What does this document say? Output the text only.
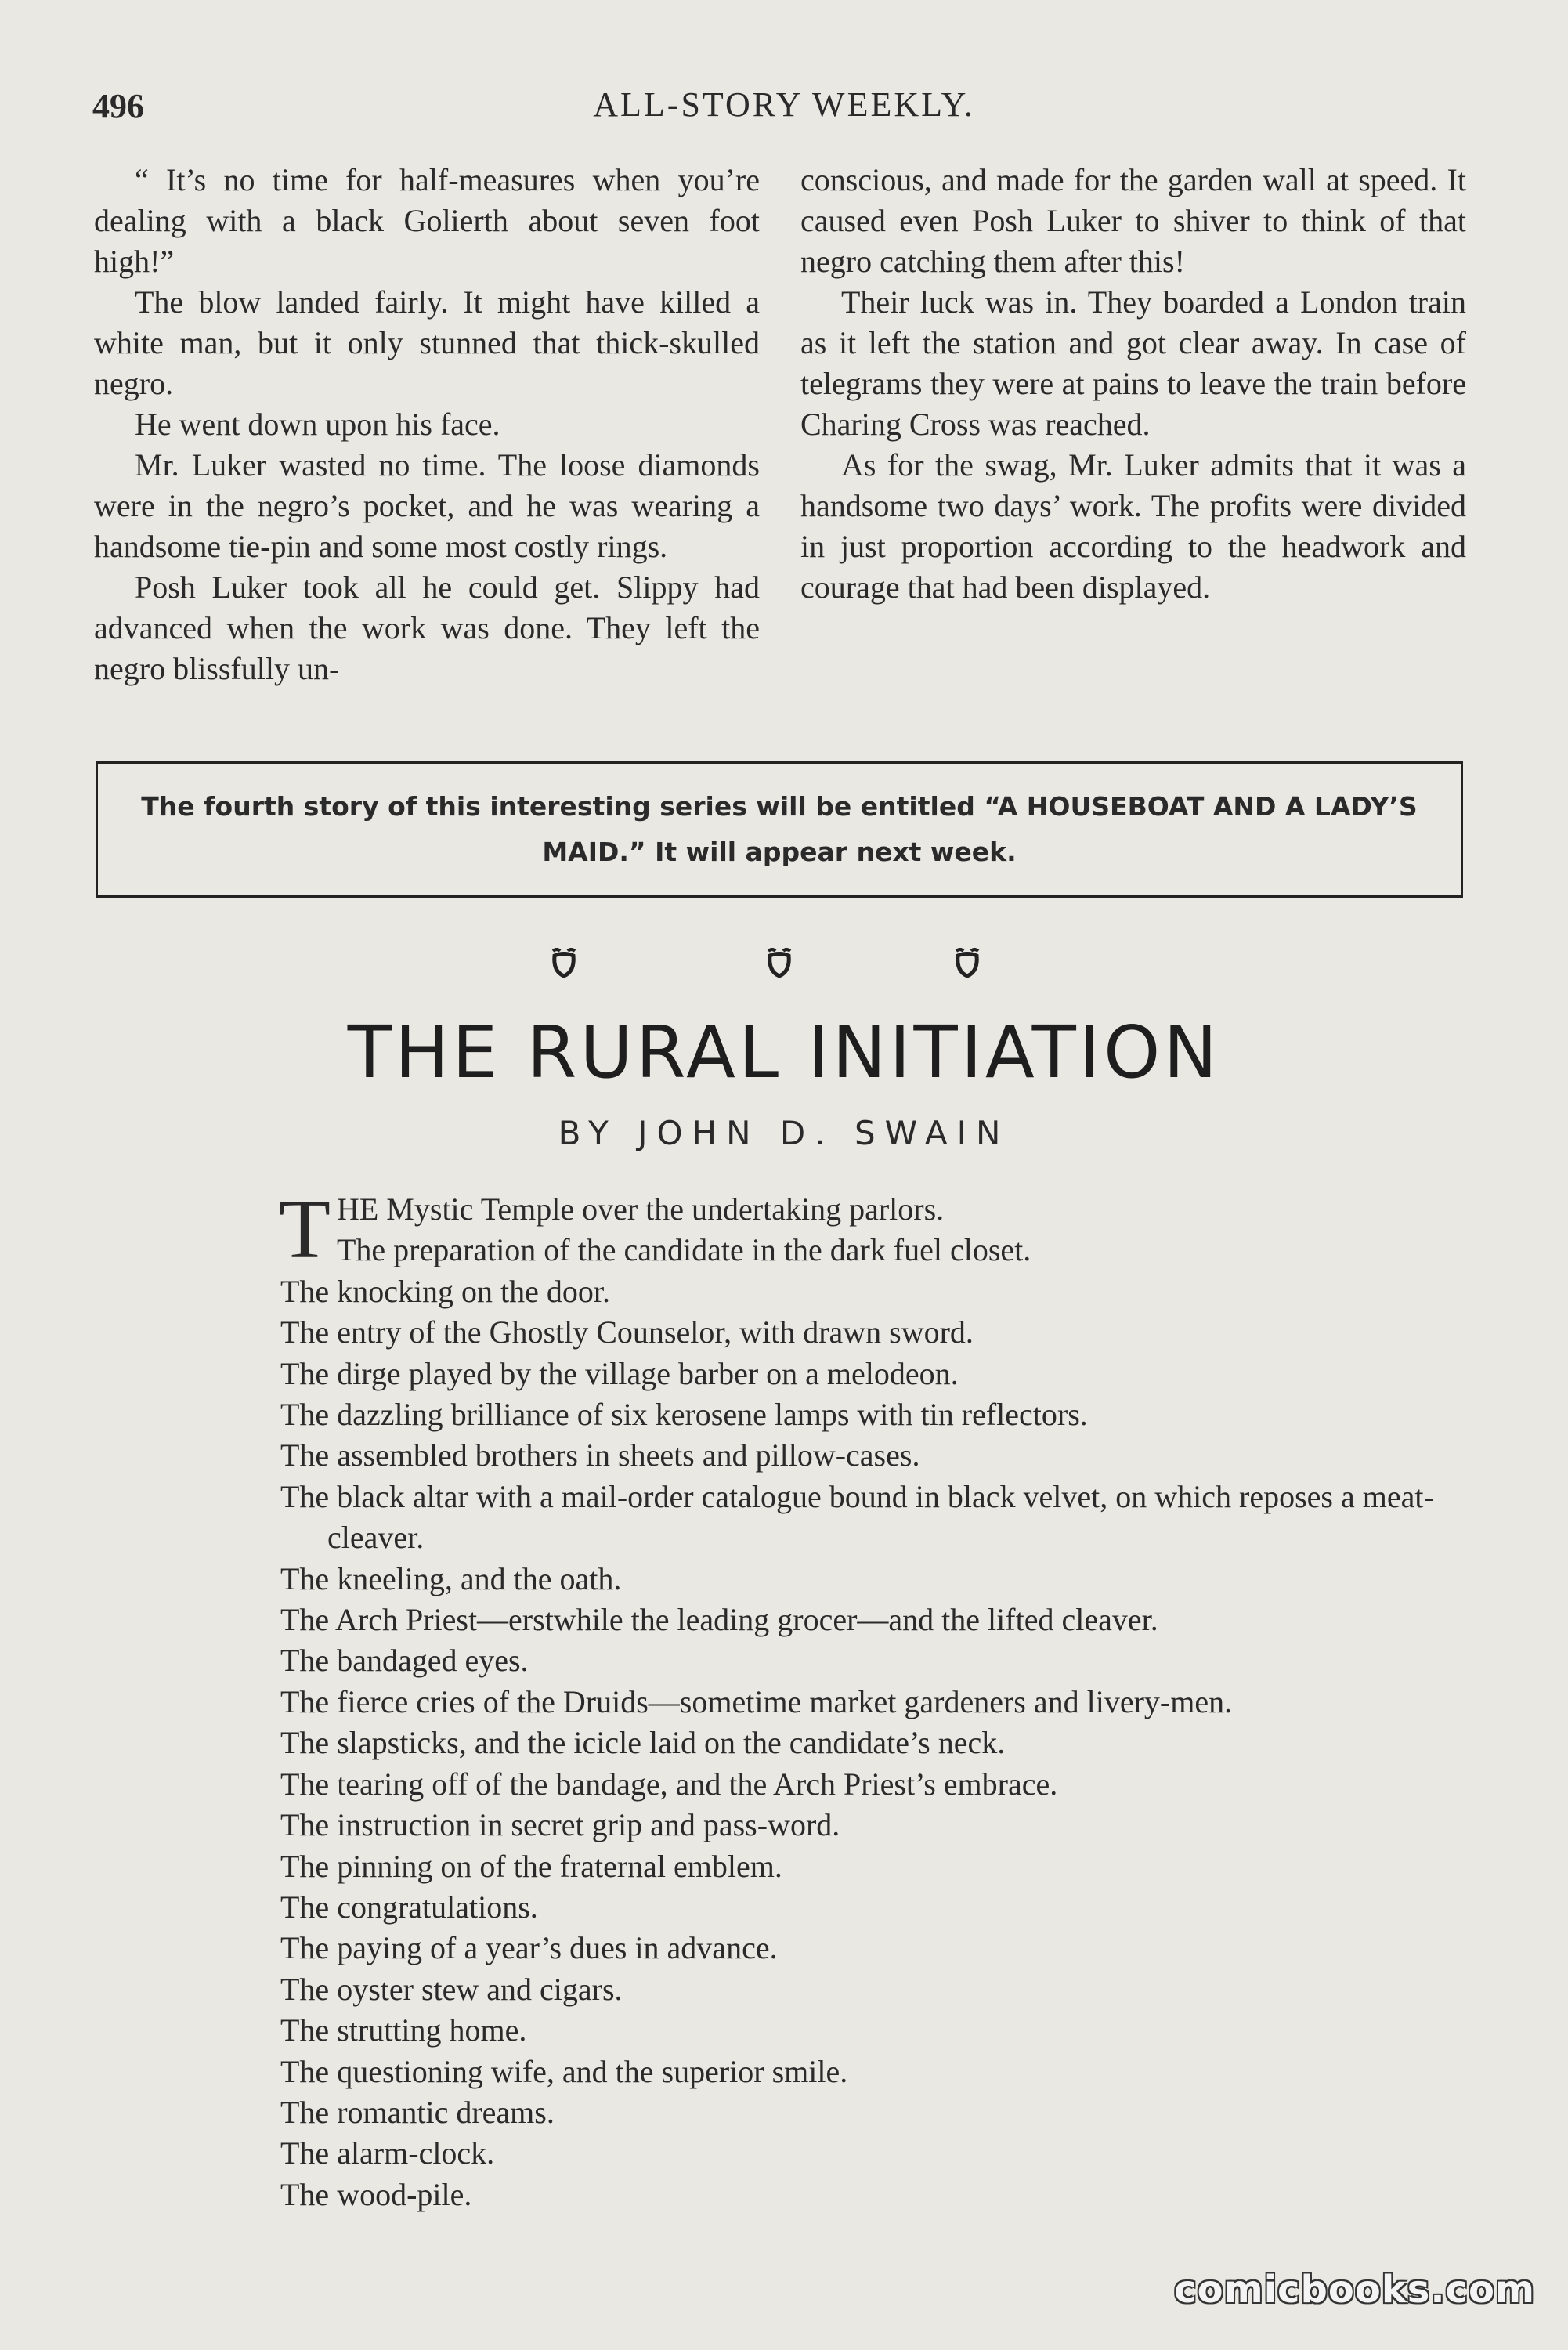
496	ALL-STORY WEEKLY.

“ It’s no time for half-measures when you’re dealing with a black Golierth about seven foot high!”

The blow landed fairly. It might have killed a white man, but it only stunned that thick-skulled negro.

He went down upon his face.

Mr. Luker wasted no time. The loose diamonds were in the negro’s pocket, and he was wearing a handsome tie-pin and some most costly rings.

Posh Luker took all he could get. Slippy had advanced when the work was done. They left the negro blissfully un-

conscious, and made for the garden wall at speed. It caused even Posh Luker to shiver to think of that negro catching them after this!

Their luck was in. They boarded a London train as it left the station and got clear away. In case of telegrams they were at pains to leave the train before Charing Cross was reached.

As for the swag, Mr. Luker admits that it was a handsome two days’ work. The profits were divided in just proportion according to the headwork and courage that had been displayed.

The fourth story of this interesting series will be entitled “A HOUSEBOAT AND A LADY’S MAID.” It will appear next week.
THE RURAL INITIATION
BY JOHN D. SWAIN
T HE Mystic Temple over the undertaking parlors.
The preparation of the candidate in the dark fuel closet.

The knocking on the door.

The entry of the Ghostly Counselor, with drawn sword.

The dirge played by the village barber on a melodeon.

The dazzling brilliance of six kerosene lamps with tin reflectors.

The assembled brothers in sheets and pillow-cases.

The black altar with a mail-order catalogue bound in black velvet, on which reposes a meat-cleaver.

The kneeling, and the oath.

The Arch Priest—erstwhile the leading grocer—and the lifted cleaver.

The bandaged eyes.

The fierce cries of the Druids—sometime market gardeners and livery-men.

The slapsticks, and the icicle laid on the candidate’s neck.

The tearing off of the bandage, and the Arch Priest’s embrace.

The instruction in secret grip and pass-word.

The pinning on of the fraternal emblem.

The congratulations.

The paying of a year’s dues in advance.

The oyster stew and cigars.

The strutting home.

The questioning wife, and the superior smile.

The romantic dreams.

The alarm-clock.

The wood-pile.

comicbooks.com
